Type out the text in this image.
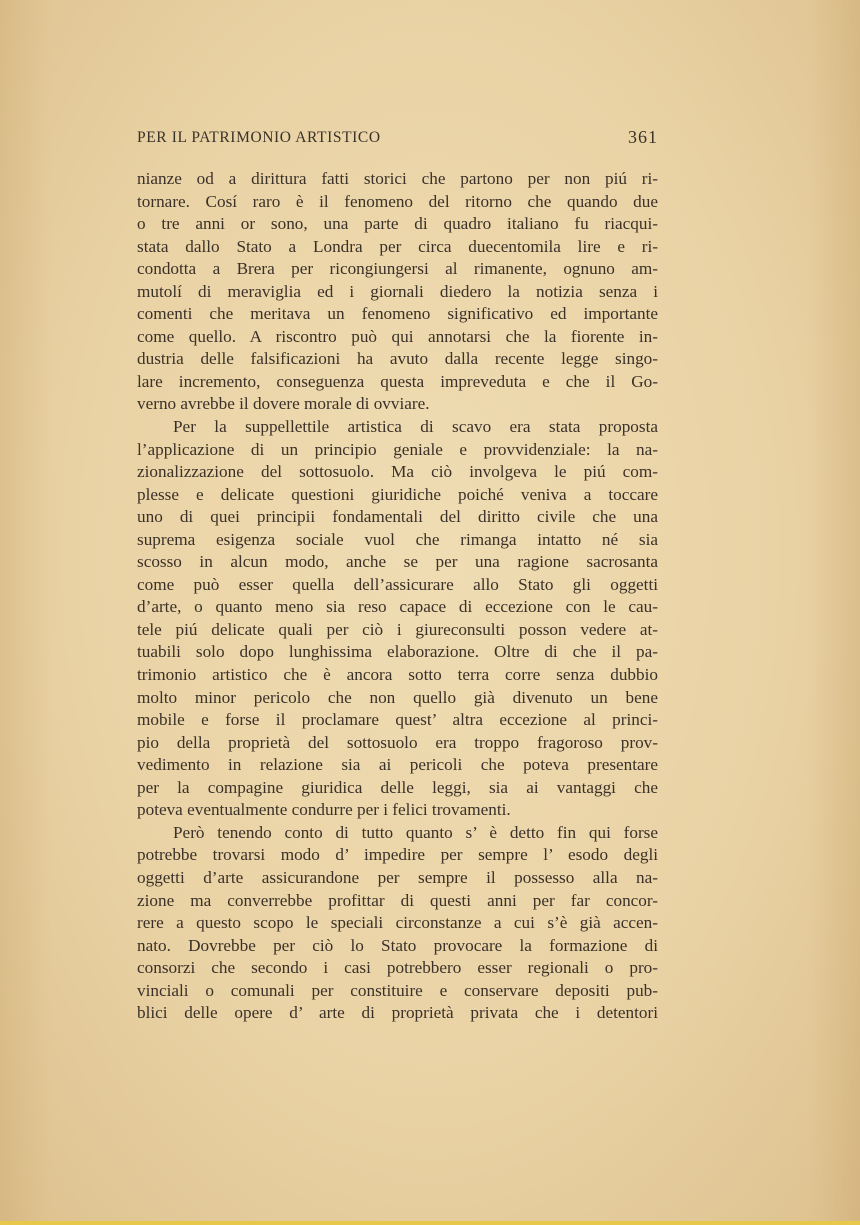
PER IL PATRIMONIO ARTISTICO	361
nianze od a dirittura fatti storici che partono per non piú ri-
tornare. Cosí raro è il fenomeno del ritorno che quando due
o tre anni or sono, una parte di quadro italiano fu riacqui-
stata dallo Stato a Londra per circa duecentomila lire e ri-
condotta a Brera per ricongiungersi al rimanente, ognuno am-
mutolí di meraviglia ed i giornali diedero la notizia senza i
comenti che meritava un fenomeno significativo ed importante
come quello. A riscontro può qui annotarsi che la fiorente in-
dustria delle falsificazioni ha avuto dalla recente legge singo-
lare incremento, conseguenza questa impreveduta e che il Go-
verno avrebbe il dovere morale di ovviare.
Per la suppellettile artistica di scavo era stata proposta
l’applicazione di un principio geniale e provvidenziale: la na-
zionalizzazione del sottosuolo. Ma ciò involgeva le piú com-
plesse e delicate questioni giuridiche poiché veniva a toccare
uno di quei principii fondamentali del diritto civile che una
suprema esigenza sociale vuol che rimanga intatto né sia
scosso in alcun modo, anche se per una ragione sacrosanta
come può esser quella dell’assicurare allo Stato gli oggetti
d’arte, o quanto meno sia reso capace di eccezione con le cau-
tele piú delicate quali per ciò i giureconsulti posson vedere at-
tuabili solo dopo lunghissima elaborazione. Oltre di che il pa-
trimonio artistico che è ancora sotto terra corre senza dubbio
molto minor pericolo che non quello già divenuto un bene
mobile e forse il proclamare quest’ altra eccezione al princi-
pio della proprietà del sottosuolo era troppo fragoroso prov-
vedimento in relazione sia ai pericoli che poteva presentare
per la compagine giuridica delle leggi, sia ai vantaggi che
poteva eventualmente condurre per i felici trovamenti.
Però tenendo conto di tutto quanto s’ è detto fin qui forse
potrebbe trovarsi modo d’ impedire per sempre l’ esodo degli
oggetti d’arte assicurandone per sempre il possesso alla na-
zione ma converrebbe profittar di questi anni per far concor-
rere a questo scopo le speciali circonstanze a cui s’è già accen-
nato. Dovrebbe per ciò lo Stato provocare la formazione di
consorzi che secondo i casi potrebbero esser regionali o pro-
vinciali o comunali per constituire e conservare depositi pub-
blici delle opere d’ arte di proprietà privata che i detentori
